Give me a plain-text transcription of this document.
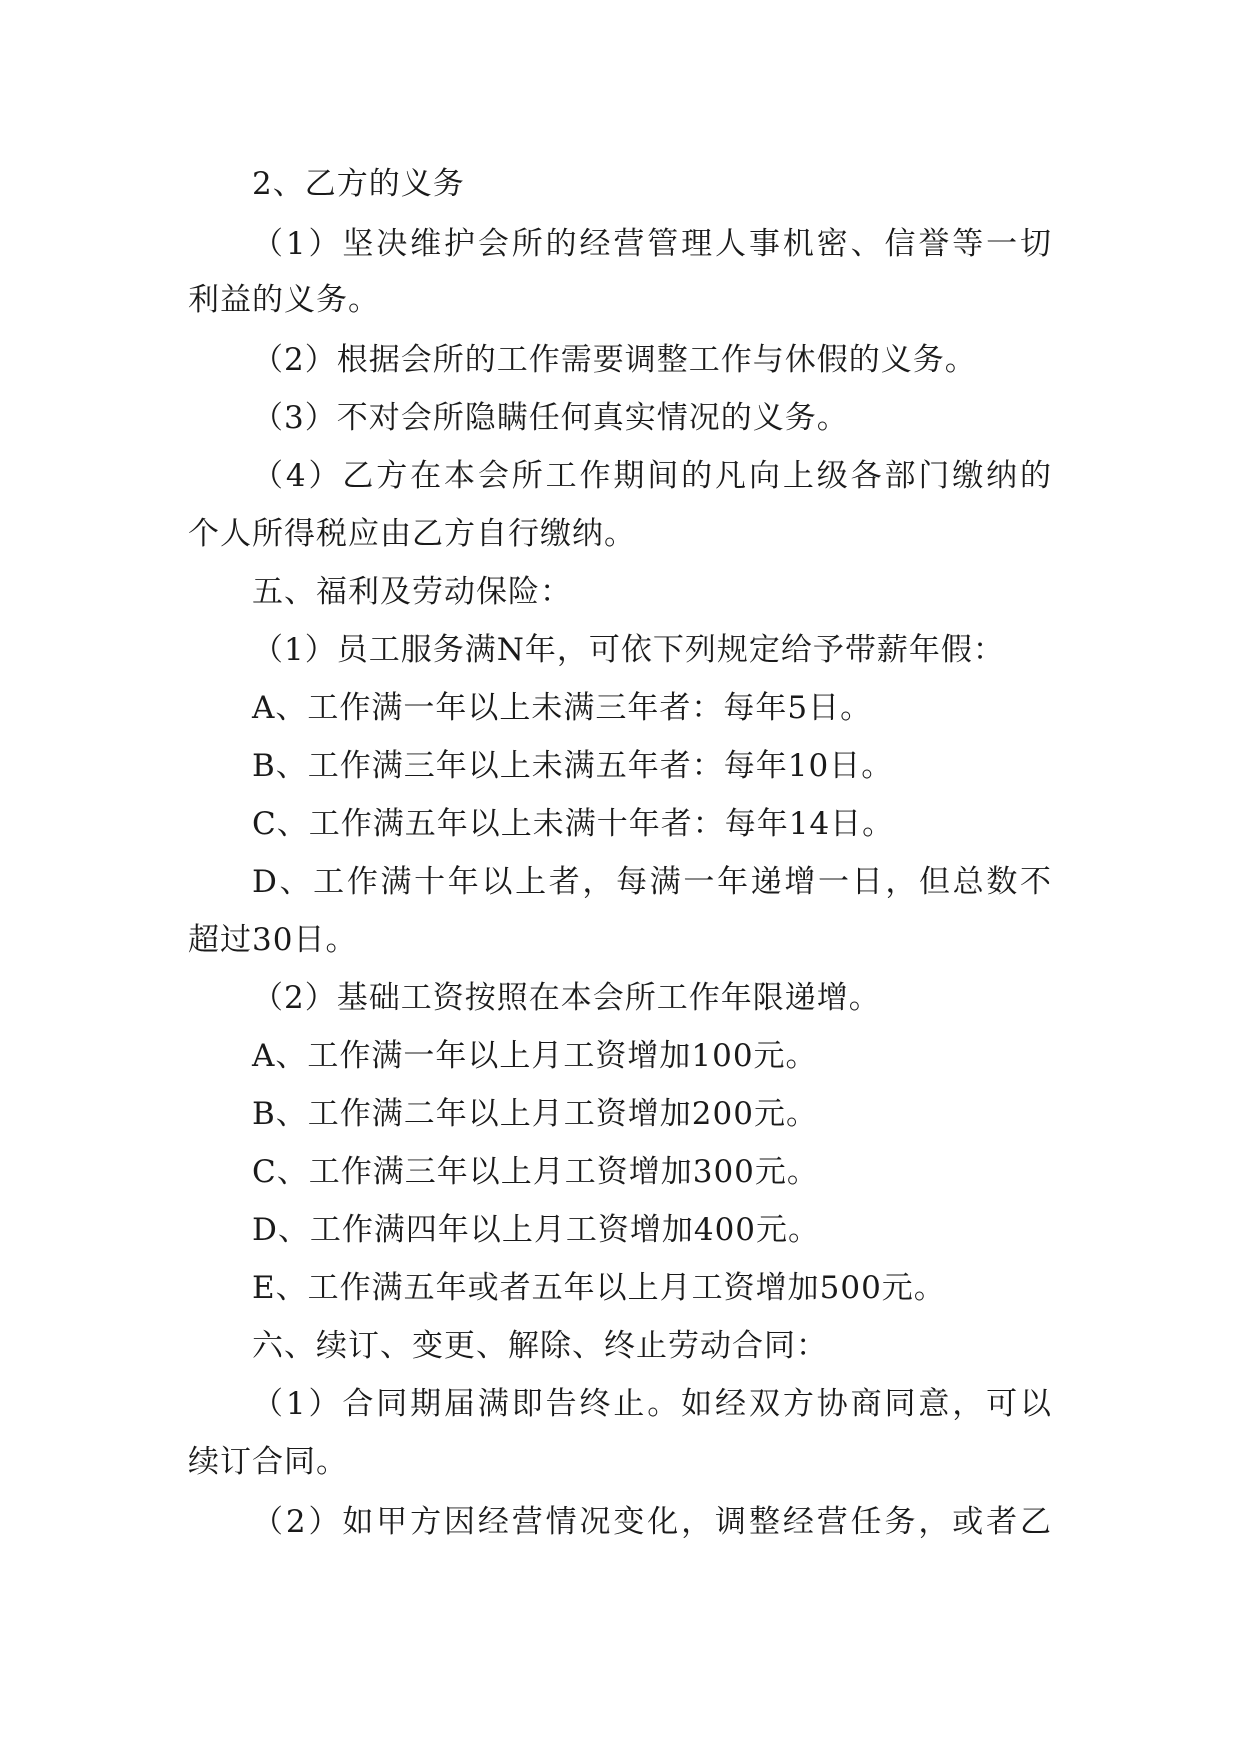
2、乙方的义务
（1）坚决维护会所的经营管理人事机密、信誉等一切
利益的义务。
（2）根据会所的工作需要调整工作与休假的义务。
（3）不对会所隐瞒任何真实情况的义务。
（4）乙方在本会所工作期间的凡向上级各部门缴纳的
个人所得税应由乙方自行缴纳。
五、福利及劳动保险：
（1）员工服务满N年，可依下列规定给予带薪年假：
A、工作满一年以上未满三年者：每年5日。
B、工作满三年以上未满五年者：每年10日。
C、工作满五年以上未满十年者：每年14日。
D、工作满十年以上者，每满一年递增一日，但总数不
超过30日。
（2）基础工资按照在本会所工作年限递增。
A、工作满一年以上月工资增加100元。
B、工作满二年以上月工资增加200元。
C、工作满三年以上月工资增加300元。
D、工作满四年以上月工资增加400元。
E、工作满五年或者五年以上月工资增加500元。
六、续订、变更、解除、终止劳动合同：
（1）合同期届满即告终止。如经双方协商同意，可以
续订合同。
（2）如甲方因经营情况变化，调整经营任务，或者乙
